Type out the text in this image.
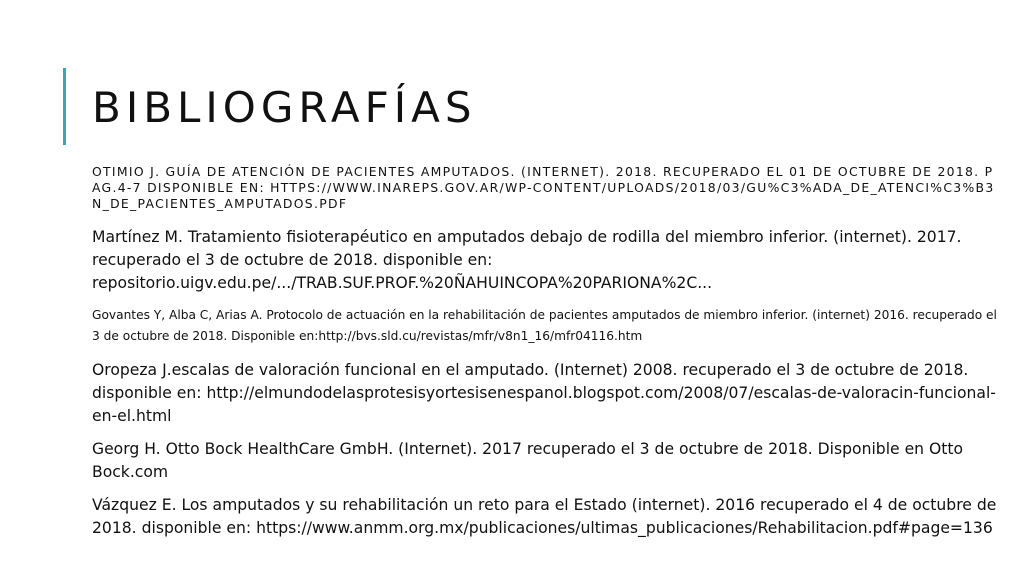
BIBLIOGRAFÍAS

OTIMIO J. GUÍA DE ATENCIÓN DE PACIENTES AMPUTADOS. (INTERNET). 2018. RECUPERADO EL 01 DE OCTUBRE DE 2018. PAG.4-7 DISPONIBLE EN: HTTPS://WWW.INAREPS.GOV.AR/WP-CONTENT/UPLOADS/2018/03/GU%C3%ADA_DE_ATENCI%C3%B3N_DE_PACIENTES_AMPUTADOS.PDF

Martínez M. Tratamiento fisioterapéutico en amputados debajo de rodilla del miembro inferior. (internet). 2017. recuperado el 3 de octubre de 2018. disponible en: repositorio.uigv.edu.pe/.../TRAB.SUF.PROF.%20ÑAHUINCOPA%20PARIONA%2C...

Govantes Y, Alba C, Arias A. Protocolo de actuación en la rehabilitación de pacientes amputados de miembro inferior. (internet) 2016. recuperado el 3 de octubre de 2018. Disponible en:http://bvs.sld.cu/revistas/mfr/v8n1_16/mfr04116.htm

Oropeza J.escalas de valoración funcional en el amputado. (Internet) 2008. recuperado el 3 de octubre de 2018. disponible en: http://elmundodelasprotesisyortesisenespanol.blogspot.com/2008/07/escalas-de-valoracin-funcional-en-el.html

Georg H. Otto Bock HealthCare GmbH. (Internet). 2017 recuperado el 3 de octubre de 2018. Disponible en Otto Bock.com

Vázquez E. Los amputados y su rehabilitación un reto para el Estado (internet). 2016 recuperado el 4 de octubre de 2018. disponible en: https://www.anmm.org.mx/publicaciones/ultimas_publicaciones/Rehabilitacion.pdf#page=136
